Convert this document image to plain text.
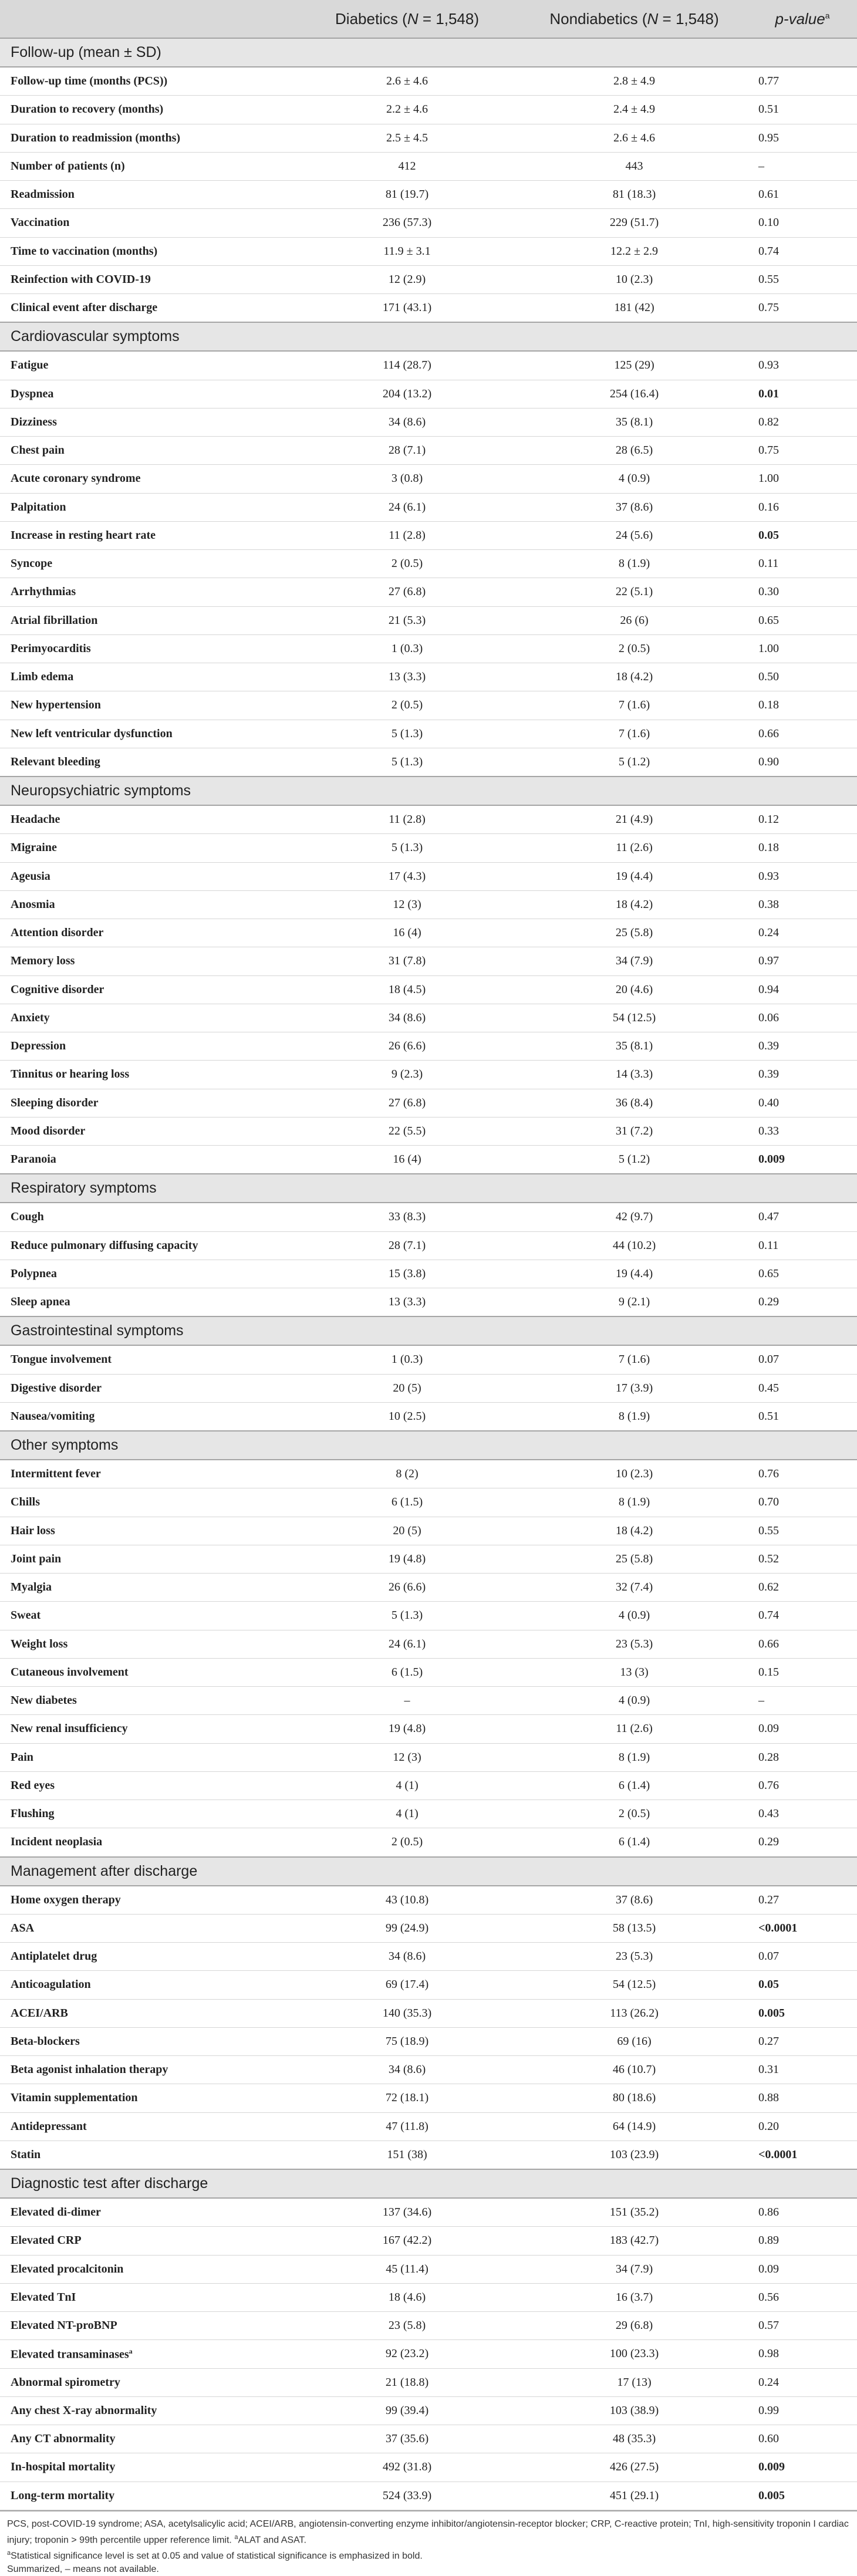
	Diabetics (N = 1,548)	Nondiabetics (N = 1,548)	p-value$^a$
Follow-up (mean ± SD)			
Follow-up time (months (PCS))	2.6 ± 4.6	2.8 ± 4.9	0.77
Duration to recovery (months)	2.2 ± 4.6	2.4 ± 4.9	0.51
Duration to readmission (months)	2.5 ± 4.5	2.6 ± 4.6	0.95
Number of patients (n)	412	443	–
Readmission	81 (19.7)	81 (18.3)	0.61
Vaccination	236 (57.3)	229 (51.7)	0.10
Time to vaccination (months)	11.9 ± 3.1	12.2 ± 2.9	0.74
Reinfection with COVID-19	12 (2.9)	10 (2.3)	0.55
Clinical event after discharge	171 (43.1)	181 (42)	0.75
Cardiovascular symptoms			
Fatigue	114 (28.7)	125 (29)	0.93
Dyspnea	204 (13.2)	254 (16.4)	0.01
Dizziness	34 (8.6)	35 (8.1)	0.82
Chest pain	28 (7.1)	28 (6.5)	0.75
Acute coronary syndrome	3 (0.8)	4 (0.9)	1.00
Palpitation	24 (6.1)	37 (8.6)	0.16
Increase in resting heart rate	11 (2.8)	24 (5.6)	0.05
Syncope	2 (0.5)	8 (1.9)	0.11
Arrhythmias	27 (6.8)	22 (5.1)	0.30
Atrial fibrillation	21 (5.3)	26 (6)	0.65
Perimyocarditis	1 (0.3)	2 (0.5)	1.00
Limb edema	13 (3.3)	18 (4.2)	0.50
New hypertension	2 (0.5)	7 (1.6)	0.18
New left ventricular dysfunction	5 (1.3)	7 (1.6)	0.66
Relevant bleeding	5 (1.3)	5 (1.2)	0.90
Neuropsychiatric symptoms			
Headache	11 (2.8)	21 (4.9)	0.12
Migraine	5 (1.3)	11 (2.6)	0.18
Ageusia	17 (4.3)	19 (4.4)	0.93
Anosmia	12 (3)	18 (4.2)	0.38
Attention disorder	16 (4)	25 (5.8)	0.24
Memory loss	31 (7.8)	34 (7.9)	0.97
Cognitive disorder	18 (4.5)	20 (4.6)	0.94
Anxiety	34 (8.6)	54 (12.5)	0.06
Depression	26 (6.6)	35 (8.1)	0.39
Tinnitus or hearing loss	9 (2.3)	14 (3.3)	0.39
Sleeping disorder	27 (6.8)	36 (8.4)	0.40
Mood disorder	22 (5.5)	31 (7.2)	0.33
Paranoia	16 (4)	5 (1.2)	0.009
Respiratory symptoms			
Cough	33 (8.3)	42 (9.7)	0.47
Reduce pulmonary diffusing capacity	28 (7.1)	44 (10.2)	0.11
Polypnea	15 (3.8)	19 (4.4)	0.65
Sleep apnea	13 (3.3)	9 (2.1)	0.29
Gastrointestinal symptoms			
Tongue involvement	1 (0.3)	7 (1.6)	0.07
Digestive disorder	20 (5)	17 (3.9)	0.45
Nausea/vomiting	10 (2.5)	8 (1.9)	0.51
Other symptoms			
Intermittent fever	8 (2)	10 (2.3)	0.76
Chills	6 (1.5)	8 (1.9)	0.70
Hair loss	20 (5)	18 (4.2)	0.55
Joint pain	19 (4.8)	25 (5.8)	0.52
Myalgia	26 (6.6)	32 (7.4)	0.62
Sweat	5 (1.3)	4 (0.9)	0.74
Weight loss	24 (6.1)	23 (5.3)	0.66
Cutaneous involvement	6 (1.5)	13 (3)	0.15
New diabetes	–	4 (0.9)	–
New renal insufficiency	19 (4.8)	11 (2.6)	0.09
Pain	12 (3)	8 (1.9)	0.28
Red eyes	4 (1)	6 (1.4)	0.76
Flushing	4 (1)	2 (0.5)	0.43
Incident neoplasia	2 (0.5)	6 (1.4)	0.29
Management after discharge			
Home oxygen therapy	43 (10.8)	37 (8.6)	0.27
ASA	99 (24.9)	58 (13.5)	<0.0001
Antiplatelet drug	34 (8.6)	23 (5.3)	0.07
Anticoagulation	69 (17.4)	54 (12.5)	0.05
ACEI/ARB	140 (35.3)	113 (26.2)	0.005
Beta-blockers	75 (18.9)	69 (16)	0.27
Beta agonist inhalation therapy	34 (8.6)	46 (10.7)	0.31
Vitamin supplementation	72 (18.1)	80 (18.6)	0.88
Antidepressant	47 (11.8)	64 (14.9)	0.20
Statin	151 (38)	103 (23.9)	<0.0001
Diagnostic test after discharge			
Elevated di-dimer	137 (34.6)	151 (35.2)	0.86
Elevated CRP	167 (42.2)	183 (42.7)	0.89
Elevated procalcitonin	45 (11.4)	34 (7.9)	0.09
Elevated TnI	18 (4.6)	16 (3.7)	0.56
Elevated NT-proBNP	23 (5.8)	29 (6.8)	0.57
Elevated transaminases$^a$	92 (23.2)	100 (23.3)	0.98
Abnormal spirometry	21 (18.8)	17 (13)	0.24
Any chest X-ray abnormality	99 (39.4)	103 (38.9)	0.99
Any CT abnormality	37 (35.6)	48 (35.3)	0.60
In-hospital mortality	492 (31.8)	426 (27.5)	0.009
Long-term mortality	524 (33.9)	451 (29.1)	0.005
PCS, post-COVID-19 syndrome; ASA, acetylsalicylic acid; ACEI/ARB, angiotensin-converting enzyme inhibitor/angiotensin-receptor blocker; CRP, C-reactive protein; TnI, high-sensitivity troponin I cardiac injury; troponin > 99th percentile upper reference limit. $^a$ALAT and ASAT.
$^a$Statistical significance level is set at 0.05 and value of statistical significance is emphasized in bold.
Summarized, – means not available.
